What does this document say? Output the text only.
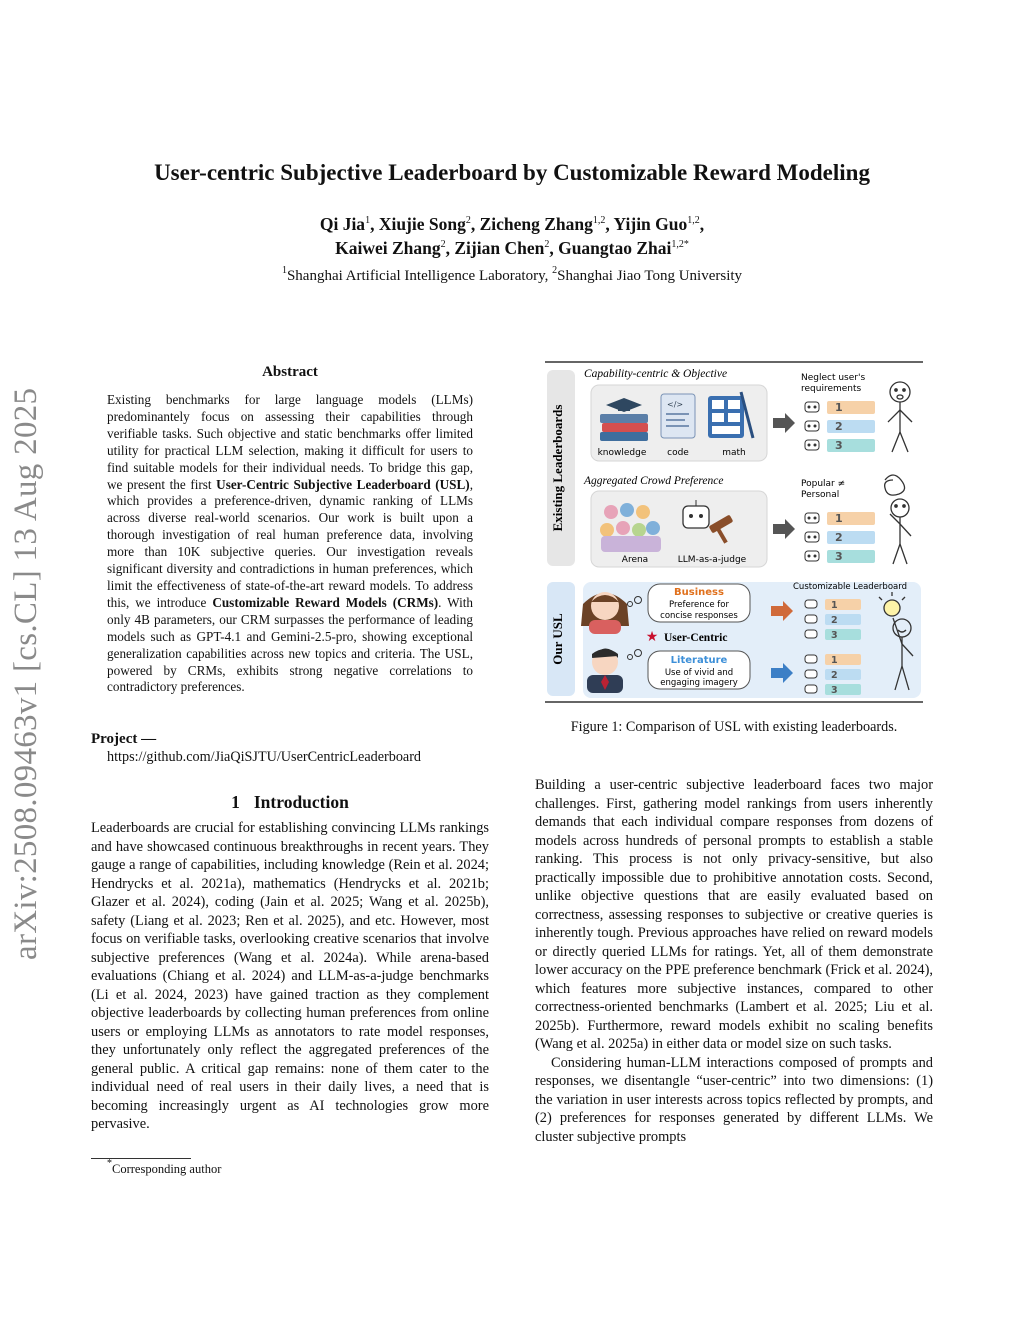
arXiv:2508.09463v1 [cs.CL] 13 Aug 2025
User-centric Subjective Leaderboard by Customizable Reward Modeling
Qi Jia$^1$, Xiujie Song$^2$, Zicheng Zhang$^{1,2}$, Yijin Guo$^{1,2}$,
Kaiwei Zhang$^2$, Zijian Chen$^2$, Guangtao Zhai$^{1,2*}$
$^1$Shanghai Artificial Intelligence Laboratory, $^2$Shanghai Jiao Tong University
Abstract
Existing benchmarks for large language models (LLMs) predominantely focus on assessing their capabilities through verifiable tasks. Such objective and static benchmarks offer limited utility for practical LLM selection, making it difficult for users to find suitable models for their individual needs. To bridge this gap, we present the first User-Centric Subjective Leaderboard (USL), which provides a preference-driven, dynamic ranking of LLMs across diverse real-world scenarios. Our work is built upon a thorough investigation of real human preference data, involving more than 10K subjective queries. Our investigation reveals significant diversity and contradictions in human preferences, which limit the effectiveness of state-of-the-art reward models. To address this, we introduce Customizable Reward Models (CRMs). With only 4B parameters, our CRM surpasses the performance of leading models such as GPT-4.1 and Gemini-2.5-pro, showing exceptional generalization capabilities across new topics and criteria. The USL, powered by CRMs, exhibits strong negative correlations to contradictory preferences.
Project —
https://github.com/JiaQiSJTU/UserCentricLeaderboard
1 Introduction

Leaderboards are crucial for establishing convincing LLMs rankings and have showcased continuous breakthroughs in recent years. They gauge a range of capabilities, including knowledge (Rein et al. 2024; Hendrycks et al. 2021a), mathematics (Hendrycks et al. 2021b; Glazer et al. 2024), coding (Jain et al. 2025; Wang et al. 2025b), safety (Liang et al. 2023; Ren et al. 2025), and etc. However, most focus on verifiable tasks, overlooking creative scenarios that involve subjective preferences (Wang et al. 2024a). While arena-based evaluations (Chiang et al. 2024) and LLM-as-a-judge benchmarks (Li et al. 2024, 2023) have gained traction as they complement objective leaderboards by collecting human preferences from online users or employing LLMs as annotators to rate model responses, they unfortunately only reflect the aggregated preferences of the general public. A critical gap remains: none of them cater to the individual need of real users in their daily lives, a need that is becoming increasingly urgent as AI technologies grow more pervasive.

*Corresponding author
Existing Leaderboards
Our USL
Capability-centric & Objective
knowledge
</>
code	math
Neglect user's
requirements
1
2
3
Aggregated Crowd Preference
Arena	LLM-as-a-judge
Popular ≠
Personal
1
2
3
Business
Preference for
concise responses
★ User-Centric
Literature
Use of vivid and
engaging imagery
Customizable Leaderboard
1
2
3
1
2
3
Figure 1: Comparison of USL with existing leaderboards.

Building a user-centric subjective leaderboard faces two major challenges. First, gathering model rankings from users inherently demands that each individual compare responses from dozens of models across hundreds of personal prompts to establish a stable ranking. This process is not only privacy-sensitive, but also practically impossible due to prohibitive annotation costs. Second, unlike objective questions that are easily evaluated based on correctness, assessing responses to subjective or creative queries is inherently tough. Previous approaches have relied on reward models or directly queried LLMs for ratings. Yet, all of them demonstrate lower accuracy on the PPE preference benchmark (Frick et al. 2024), which features more subjective instances, compared to other correctness-oriented benchmarks (Lambert et al. 2025; Liu et al. 2025b). Furthermore, reward models exhibit no scaling benefits (Wang et al. 2025a) in either data or model size on such tasks.

Considering human-LLM interactions composed of prompts and responses, we disentangle “user-centric” into two dimensions: (1) the variation in user interests across topics reflected by prompts, and (2) preferences for responses generated by different LLMs. We cluster subjective prompts
